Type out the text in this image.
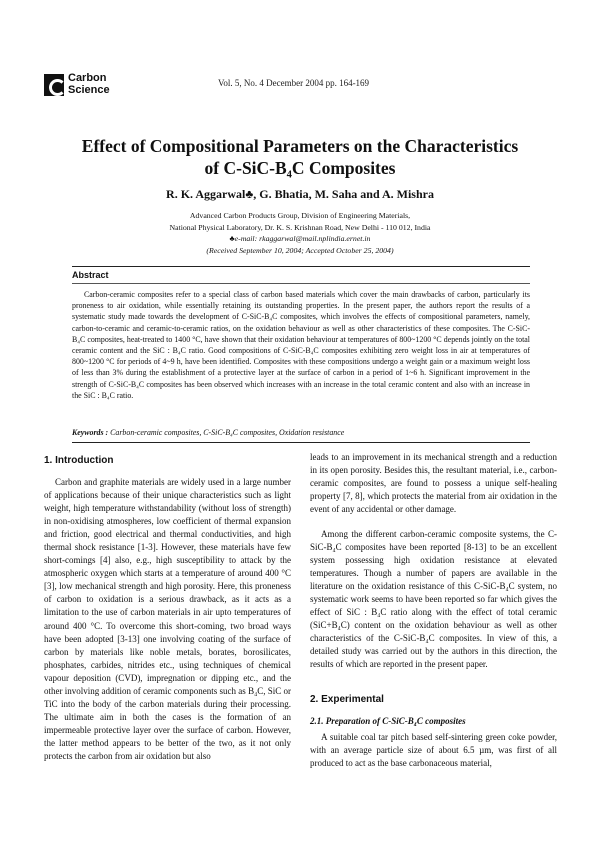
Carbon
Science
Vol. 5, No. 4 December 2004 pp. 164-169
Effect of Compositional Parameters on the Characteristics
of C-SiC-B₄C Composites
R. K. Aggarwal♣, G. Bhatia, M. Saha and A. Mishra
Advanced Carbon Products Group, Division of Engineering Materials,
National Physical Laboratory, Dr. K. S. Krishnan Road, New Delhi - 110 012, India
♣e-mail: rkaggarwal@mail.nplindia.ernet.in
(Received September 10, 2004; Accepted October 25, 2004)
Abstract

Carbon-ceramic composites refer to a special class of carbon based materials which cover the main drawbacks of carbon, particularly its proneness to air oxidation, while essentially retaining its outstanding properties. In the present paper, the authors report the results of a systematic study made towards the development of C-SiC-B₄C composites, which involves the effects of compositional parameters, namely, carbon-to-ceramic and ceramic-to-ceramic ratios, on the oxidation behaviour as well as other characteristics of these composites. The C-SiC-B₄C composites, heat-treated to 1400 °C, have shown that their oxidation behaviour at temperatures of 800~1200 °C depends jointly on the total ceramic content and the SiC : B₄C ratio. Good compositions of C-SiC-B₄C composites exhibiting zero weight loss in air at temperatures of 800~1200 °C for periods of 4~9 h, have been identified. Composites with these compositions undergo a weight gain or a maximum weight loss of less than 3% during the establishment of a protective layer at the surface of carbon in a period of 1~6 h. Significant improvement in the strength of C-SiC-B₄C composites has been observed which increases with an increase in the total ceramic content and also with an increase in the SiC : B₄C ratio.

Keywords : Carbon-ceramic composites, C-SiC-B₄C composites, Oxidation resistance
1. Introduction

Carbon and graphite materials are widely used in a large number of applications because of their unique characteristics such as light weight, high temperature withstandability (without loss of strength) in non-oxidising atmospheres, low coefficient of thermal expansion and friction, good electrical and thermal conductivities, and high thermal shock resistance [1-3]. However, these materials have few short-comings [4] also, e.g., high susceptibility to attack by the atmospheric oxygen which starts at a temperature of around 400 °C [3], low mechanical strength and high porosity. Here, this proneness of carbon to oxidation is a serious drawback, as it acts as a limitation to the use of carbon materials in air upto temperatures of around 400 °C. To overcome this short-coming, two broad ways have been adopted [3-13] one involving coating of the surface of carbon by materials like noble metals, borates, borosilicates, phosphates, carbides, nitrides etc., using techniques of chemical vapour deposition (CVD), impregnation or dipping etc., and the other involving addition of ceramic components such as B₄C, SiC or TiC into the body of the carbon materials during their processing. The ultimate aim in both the cases is the formation of an impermeable protective layer over the surface of carbon. However, the latter method appears to be better of the two, as it not only protects the carbon from air oxidation but also

leads to an improvement in its mechanical strength and a reduction in its open porosity. Besides this, the resultant material, i.e., carbon-ceramic composites, are found to possess a unique self-healing property [7, 8], which protects the material from air oxidation in the event of any accidental or other damage.

Among the different carbon-ceramic composite systems, the C-SiC-B₄C composites have been reported [8-13] to be an excellent system possessing high oxidation resistance at elevated temperatures. Though a number of papers are available in the literature on the oxidation resistance of this C-SiC-B₄C system, no systematic work seems to have been reported so far which gives the effect of SiC : B₄C ratio along with the effect of total ceramic (SiC+B₄C) content on the oxidation behaviour as well as other characteristics of the C-SiC-B₄C composites. In view of this, a detailed study was carried out by the authors in this direction, the results of which are reported in the present paper.

2. Experimental
2.1. Preparation of C-SiC-B₄C composites

A suitable coal tar pitch based self-sintering green coke powder, with an average particle size of about 6.5 µm, was first of all produced to act as the base carbonaceous material,
